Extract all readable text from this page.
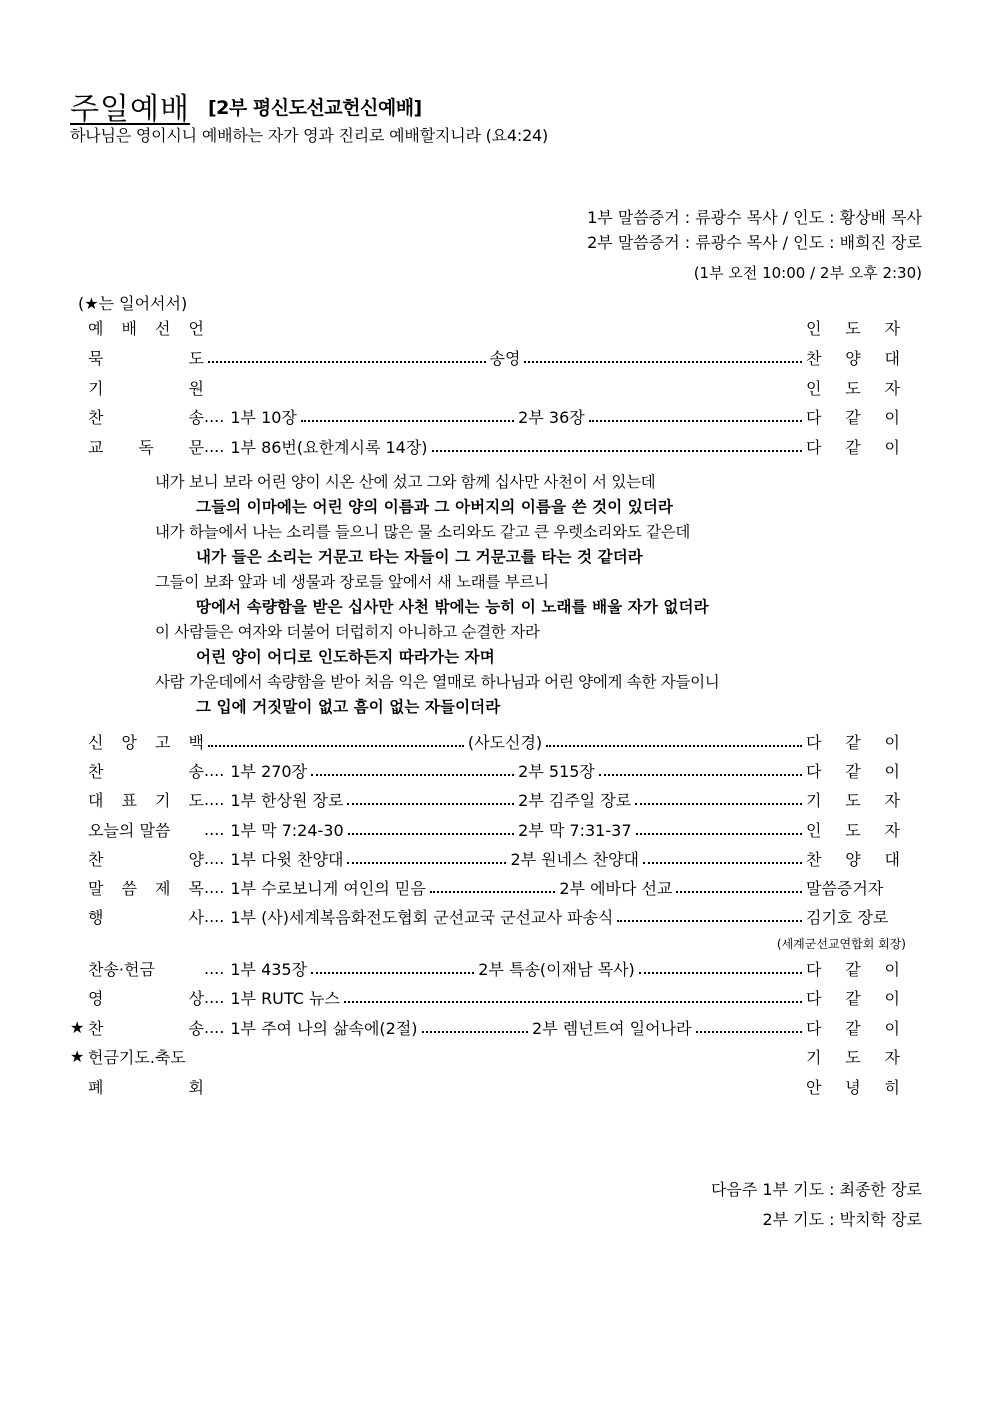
주일예배 [2부 평신도선교헌신예배]
하나님은 영이시니 예배하는 자가 영과 진리로 예배할지니라 (요4:24)
1부 말씀증거 : 류광수 목사 / 인도 : 황상배 목사
2부 말씀증거 : 류광수 목사 / 인도 : 배희진 장로
(1부 오전 10:00 / 2부 오후 2:30)
(★는 일어서서)
예 배 선 언	인 도 자
묵	도	송영	찬 양 대
기	원	인 도 자
찬	송 .... 1부 10장	2부 36장	다 같 이
교 독 문 .... 1부 86번(요한계시록 14장)	다 같 이
내가 보니 보라 어린 양이 시온 산에 섰고 그와 함께 십사만 사천이 서 있는데
그들의 이마에는 어린 양의 이름과 그 아버지의 이름을 쓴 것이 있더라
내가 하늘에서 나는 소리를 들으니 많은 물 소리와도 같고 큰 우렛소리와도 같은데
내가 들은 소리는 거문고 타는 자들이 그 거문고를 타는 것 같더라
그들이 보좌 앞과 네 생물과 장로들 앞에서 새 노래를 부르니
땅에서 속량함을 받은 십사만 사천 밖에는 능히 이 노래를 배울 자가 없더라
이 사람들은 여자와 더불어 더럽히지 아니하고 순결한 자라
어린 양이 어디로 인도하든지 따라가는 자며
사람 가운데에서 속량함을 받아 처음 익은 열매로 하나님과 어린 양에게 속한 자들이니
그 입에 거짓말이 없고 흠이 없는 자들이더라
신 앙 고 백	(사도신경)	다 같 이
찬	송 .... 1부 270장	2부 515장	다 같 이
대 표 기 도 .... 1부 한상원 장로	2부 김주일 장로	기 도 자
오늘의 말씀	.... 1부 막 7:24-30	2부 막 7:31-37	인 도 자
찬	양 .... 1부 다윗 찬양대	2부 원네스 찬양대	찬 양 대
말 씀 제 목 .... 1부 수로보니게 여인의 믿음	2부 에바다 선교	말씀증거자
행	사 .... 1부 (사)세계복음화전도협회 군선교국 군선교사 파송식	김기호 장로
(세계군선교연합회 회장)
찬송·헌금	.... 1부 435장	2부 특송(이재남 목사)	다 같 이
영	상 .... 1부 RUTC 뉴스	다 같 이
★ 찬	송 .... 1부 주여 나의 삶속에(2절)	2부 렘넌트여 일어나라	다 같 이
★ 헌금기도.축도	기 도 자
폐	회	안 녕 히
다음주 1부 기도 : 최종한 장로
2부 기도 : 박치학 장로
